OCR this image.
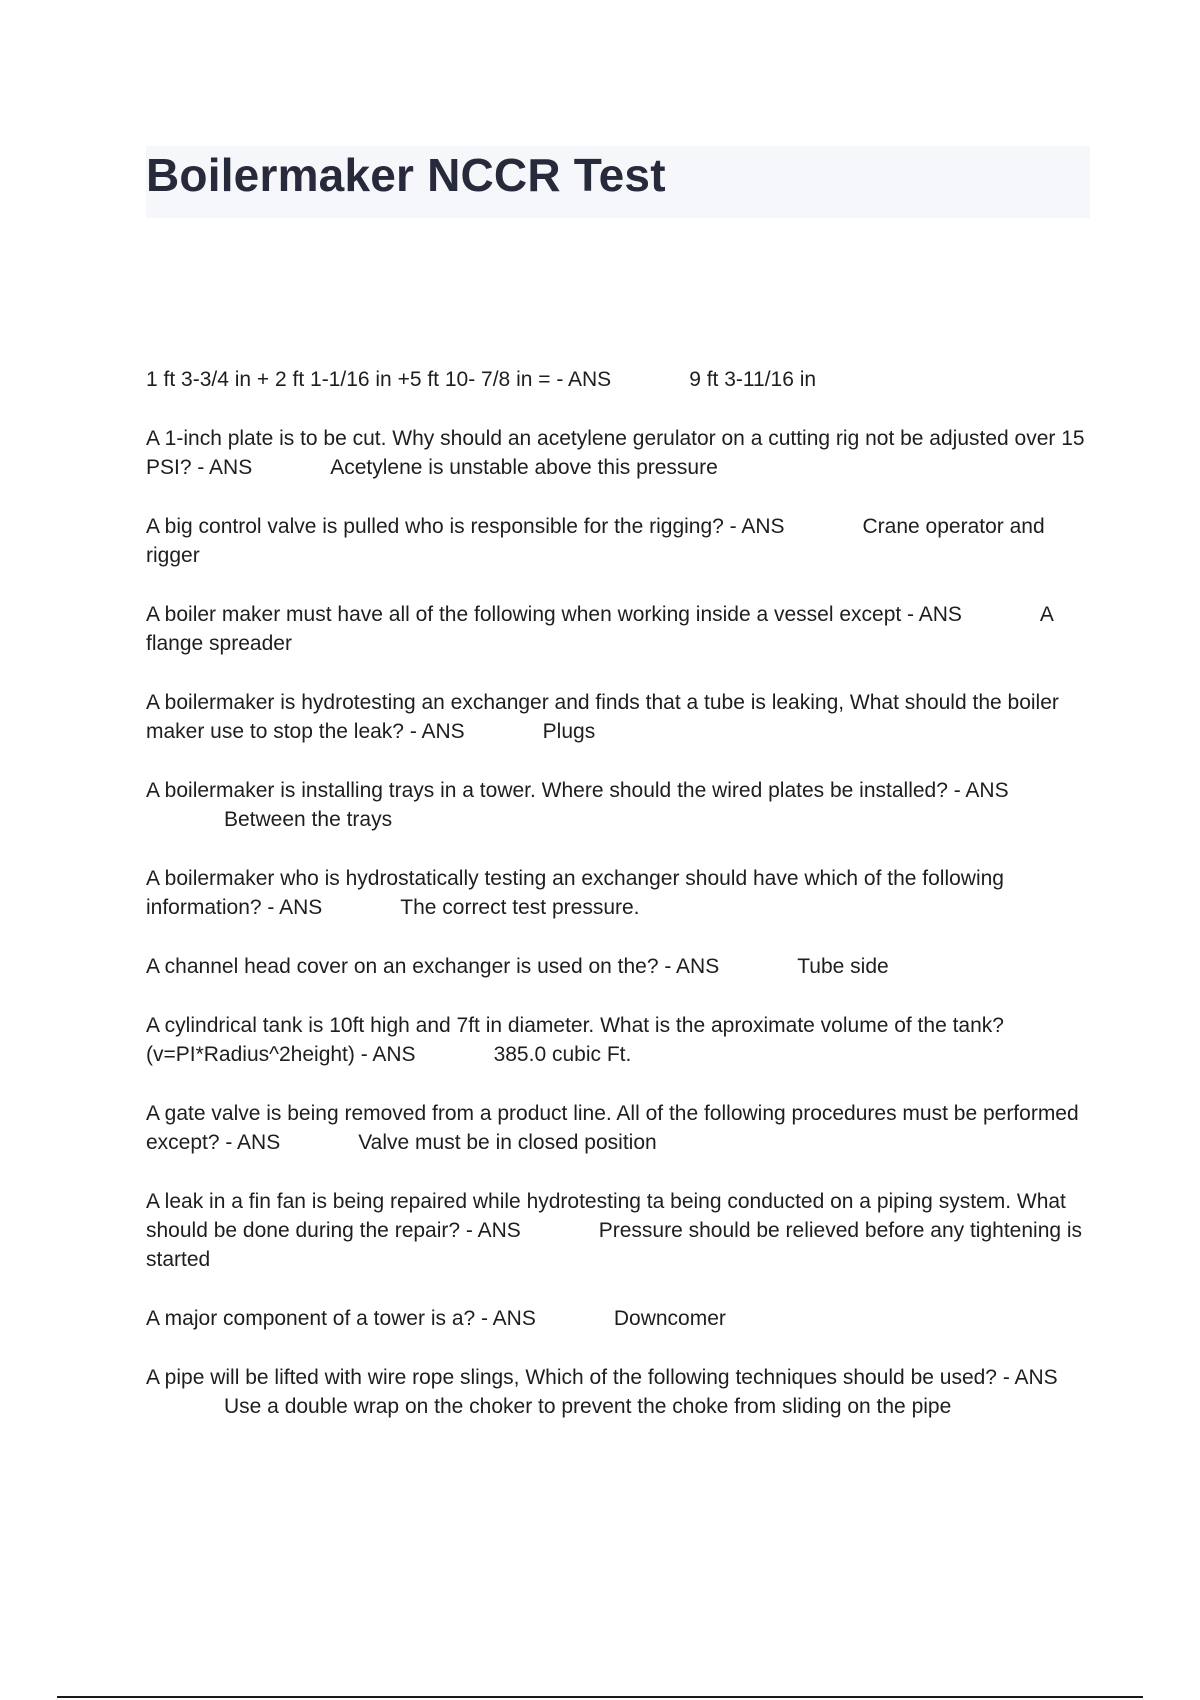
Boilermaker NCCR Test
1 ft 3-3/4 in + 2 ft 1-1/16 in +5 ft 10- 7/8 in = - ANS	9 ft 3-11/16 in
A 1-inch plate is to be cut. Why should an acetylene gerulator on a cutting rig not be adjusted over 15 PSI? - ANS	Acetylene is unstable above this pressure
A big control valve is pulled who is responsible for the rigging? - ANS	Crane operator and rigger
A boiler maker must have all of the following when working inside a vessel except - ANS	A flange spreader
A boilermaker is hydrotesting an exchanger and finds that a tube is leaking, What should the boiler maker use to stop the leak? - ANS	Plugs
A boilermaker is installing trays in a tower. Where should the wired plates be installed? - ANSBetween the trays
A boilermaker who is hydrostatically testing an exchanger should have which of the following information? - ANS	The correct test pressure.
A channel head cover on an exchanger is used on the? - ANS	Tube side
A cylindrical tank is 10ft high and 7ft in diameter. What is the aproximate volume of the tank? (v=PI*Radius^2height) - ANS	385.0 cubic Ft.
A gate valve is being removed from a product line. All of the following procedures must be performed except? - ANS	Valve must be in closed position
A leak in a fin fan is being repaired while hydrotesting ta being conducted on a piping system. What should be done during the repair? - ANS	Pressure should be relieved before any tightening is started
A major component of a tower is a? - ANS	Downcomer
A pipe will be lifted with wire rope slings, Which of the following techniques should be used? - ANSUse a double wrap on the choker to prevent the choke from sliding on the pipe
